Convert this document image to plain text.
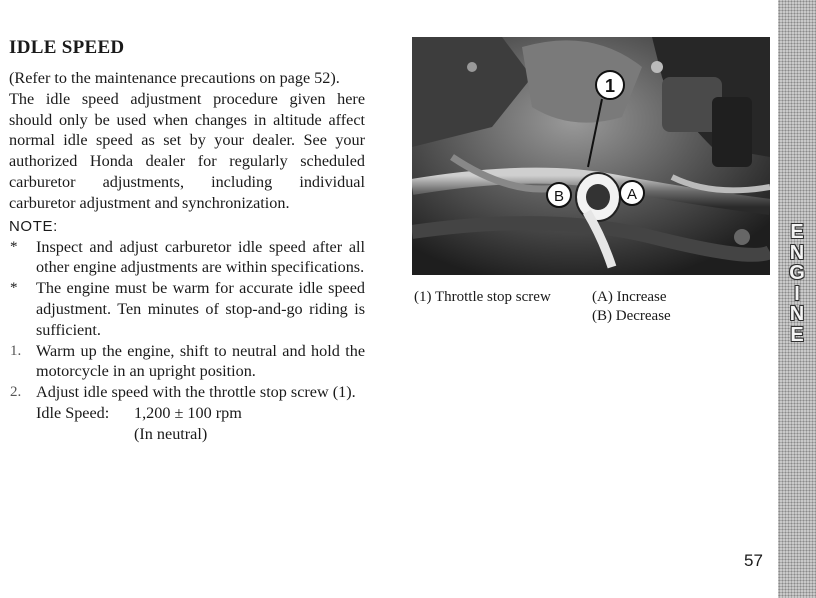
IDLE SPEED

(Refer to the maintenance precautions on page 52).

The idle speed adjustment procedure given here should only be used when changes in altitude affect normal idle speed as set by your dealer. See your authorized Honda dealer for regularly scheduled carburetor adjustments, including individual carburetor adjustment and synchronization.

NOTE:
*	Inspect and adjust carburetor idle speed after all other engine adjustments are within specifications.
*	The engine must be warm for accurate idle speed adjustment. Ten minutes of stop-and-go riding is sufficient.
1. Warm up the engine, shift to neutral and hold the motorcycle in an upright position.
2. Adjust idle speed with the throttle stop screw (1).
Idle Speed:	1,200 ± 100 rpm
(In neutral)
1
B	A
(1) Throttle stop screw	(A) Increase
(B) Decrease
E
N
G
I
N
E
57
